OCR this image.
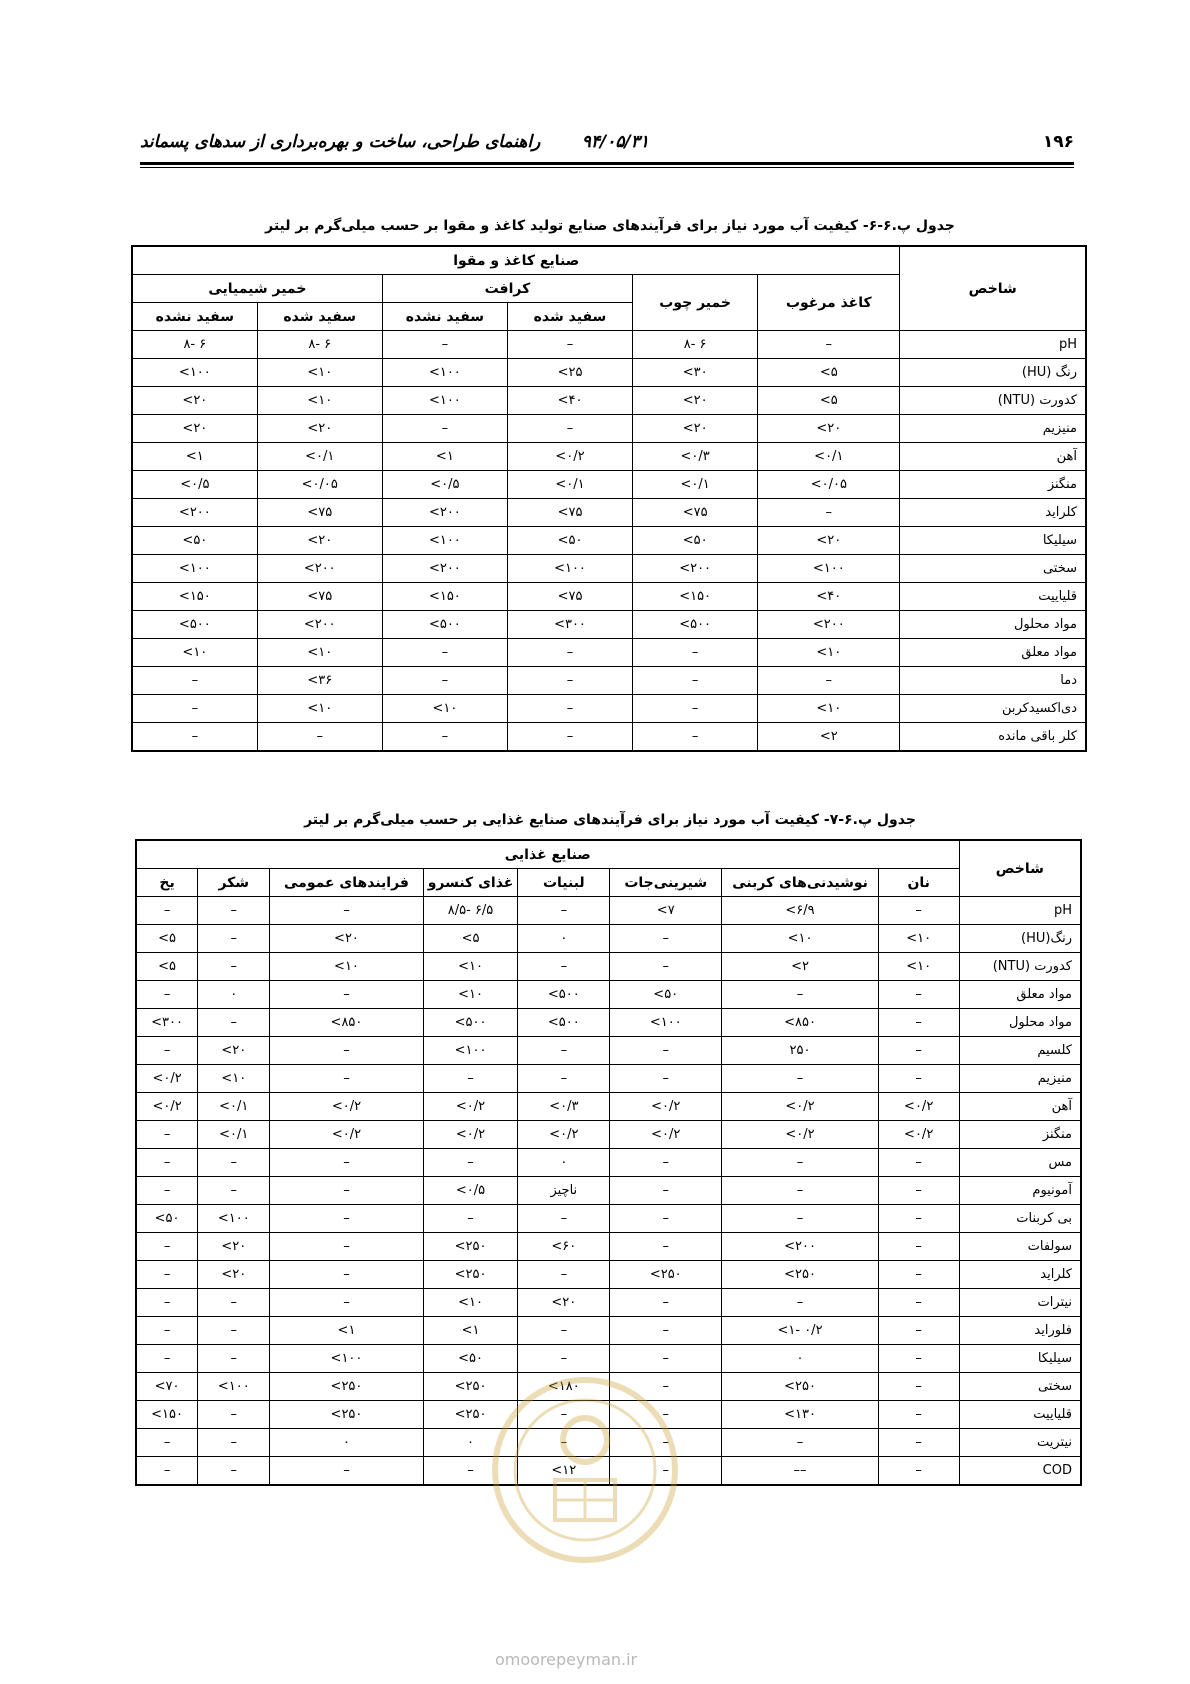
۱۹۶
۹۴/۰۵/۳۱
راهنمای طراحی، ساخت و بهره‌برداری از سدهای پسماند
جدول پ.۶-۶- کیفیت آب مورد نیاز برای فرآیندهای صنایع تولید کاغذ و مقوا بر حسب میلی‌گرم بر لیتر
شاخص	صنایع کاغذ و مقوا					
	کاغذ مرغوب	خمیر چوب	کرافت		خمیر شیمیایی	
			سفید شده	سفید نشده	سفید شده	سفید نشده
pH	–	۶ -۸	–	–	۶ -۸	۶ -۸
رنگ (HU)	۵>	۳۰>	۲۵>	۱۰۰>	۱۰>	۱۰۰>
کدورت (NTU)	۵>	۲۰>	۴۰>	۱۰۰>	۱۰>	۲۰>
منیزیم	۲۰>	۲۰>	–	–	۲۰>	۲۰>
آهن	۰/۱>	۰/۳>	۰/۲>	۱>	۰/۱>	۱>
منگنز	۰/۰۵>	۰/۱>	۰/۱>	۰/۵>	۰/۰۵>	۰/۵>
کلراید	–	۷۵>	۷۵>	۲۰۰>	۷۵>	۲۰۰>
سیلیکا	۲۰>	۵۰>	۵۰>	۱۰۰>	۲۰>	۵۰>
سختی	۱۰۰>	۲۰۰>	۱۰۰>	۲۰۰>	۲۰۰>	۱۰۰>
قلیاییت	۴۰>	۱۵۰>	۷۵>	۱۵۰>	۷۵>	۱۵۰>
مواد محلول	۲۰۰>	۵۰۰>	۳۰۰>	۵۰۰>	۲۰۰>	۵۰۰>
مواد معلق	۱۰>	–	–	–	۱۰>	۱۰>
دما	–	–	–	–	۳۶>	–
دی‌اکسیدکربن	۱۰>	–	–	۱۰>	۱۰>	–
کلر باقی مانده	۲>	–	–	–	–	–
جدول پ.۶-۷- کیفیت آب مورد نیاز برای فرآیندهای صنایع غذایی بر حسب میلی‌گرم بر لیتر
شاخص	صنایع غذایی							
	نان	نوشیدنی‌های کربنی	شیرینی‌جات	لبنیات	غذای کنسرو	فرایندهای عمومی	شکر	یخ
pH	–	۶/۹>	۷>	–	۶/۵ -۸/۵	–	–	–
رنگ(HU)	۱۰>	۱۰>	–	۰	۵>	۲۰>	–	۵>
کدورت (NTU)	۱۰>	۲>	–	–	۱۰>	۱۰>	–	۵>
مواد معلق	–	–	۵۰>	۵۰۰>	۱۰>	–	۰	–
مواد محلول	–	۸۵۰>	۱۰۰>	۵۰۰>	۵۰۰>	۸۵۰>	–	۳۰۰>
کلسیم	–	۲۵۰	–	–	۱۰۰>	–	۲۰>	–
منیزیم	–	–	–	–	–	–	۱۰>	۰/۲>
آهن	۰/۲>	۰/۲>	۰/۲>	۰/۳>	۰/۲>	۰/۲>	۰/۱>	۰/۲>
منگنز	۰/۲>	۰/۲>	۰/۲>	۰/۲>	۰/۲>	۰/۲>	۰/۱>	–
مس	–	–	–	۰	–	–	–	–
آمونیوم	–	–	–	ناچیز	۰/۵>	–	–	–
بی کربنات	–	–	–	–	–	–	۱۰۰>	۵۰>
سولفات	–	۲۰۰>	–	۶۰>	۲۵۰>	–	۲۰>	–
کلراید	–	۲۵۰>	۲۵۰>	–	۲۵۰>	–	۲۰>	–
نیترات	–	–	–	۲۰>	۱۰>	–	–	–
فلوراید	–	۰/۲ -۱>	–	–	۱>	۱>	–	–
سیلیکا	–	۰	–	–	۵۰>	۱۰۰>	–	–
سختی	–	۲۵۰>	–	۱۸۰>	۲۵۰>	۲۵۰>	۱۰۰>	۷۰>
قلیاییت	–	۱۳۰>	–	–	۲۵۰>	۲۵۰>	–	۱۵۰>
نیتریت	–	–	–	–	۰	۰	–	–
COD	–	––	–	۱۲>	–	–	–	–
omoorepeyman.ir
